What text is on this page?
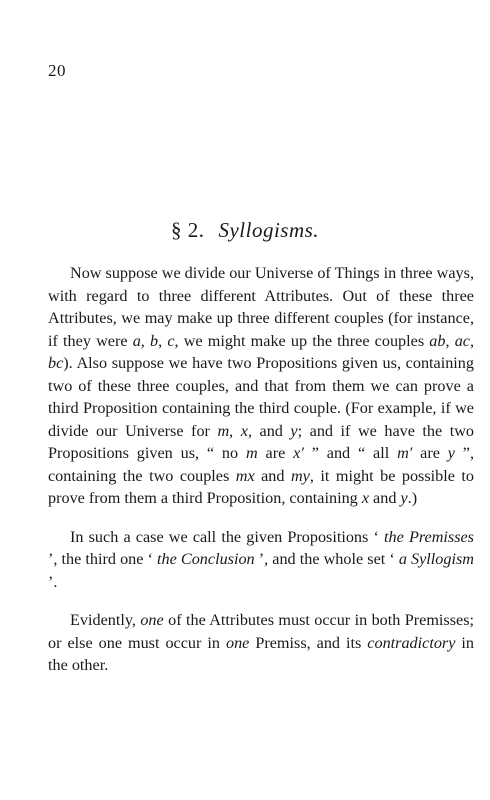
20
§ 2. Syllogisms.

Now suppose we divide our Universe of Things in three ways, with regard to three different Attributes. Out of these three Attributes, we may make up three different couples (for instance, if they were a, b, c, we might make up the three couples ab, ac, bc). Also suppose we have two Propositions given us, containing two of these three couples, and that from them we can prove a third Proposition containing the third couple. (For example, if we divide our Universe for m, x, and y; and if we have the two Propositions given us, “ no m are x′ ” and “ all m′ are y ”, containing the two couples mx and my, it might be possible to prove from them a third Proposition, containing x and y.)

In such a case we call the given Propositions ‘ the Premisses ’, the third one ‘ the Conclusion ’, and the whole set ‘ a Syllogism ’.

Evidently, one of the Attributes must occur in both Premisses; or else one must occur in one Premiss, and its contradictory in the other.
